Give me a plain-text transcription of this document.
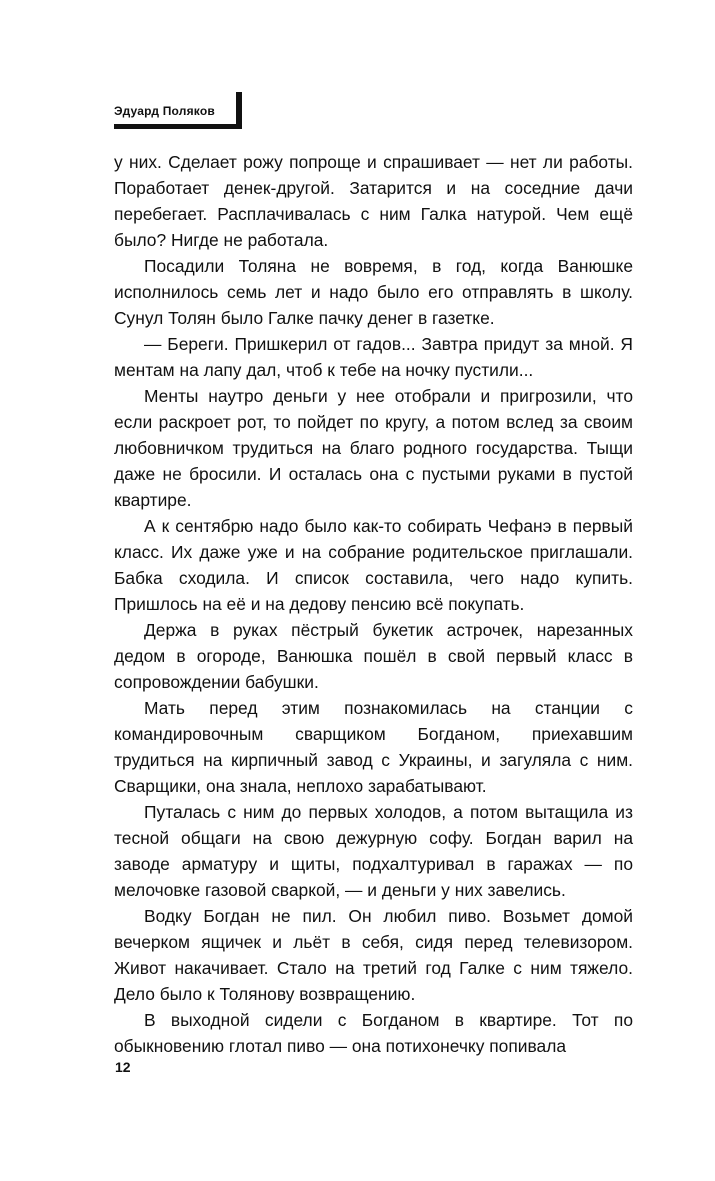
Эдуард Поляков

у них. Сделает рожу попроще и спрашивает — нет ли работы. Поработает денек-другой. Затарится и на соседние дачи перебегает. Расплачивалась с ним Галка натурой. Чем ещё было? Нигде не работала.

Посадили Толяна не вовремя, в год, когда Ванюшке исполнилось семь лет и надо было его отправлять в школу. Сунул Толян было Галке пачку денег в газетке.

— Береги. Пришкерил от гадов... Завтра придут за мной. Я ментам на лапу дал, чтоб к тебе на ночку пустили...

Менты наутро деньги у нее отобрали и пригрозили, что если раскроет рот, то пойдет по кругу, а потом вслед за своим любовничком трудиться на благо родного государства. Тыщи даже не бросили. И осталась она с пустыми руками в пустой квартире.

А к сентябрю надо было как-то собирать Чефанэ в первый класс. Их даже уже и на собрание родительское приглашали. Бабка сходила. И список составила, чего надо купить. Пришлось на её и на дедову пенсию всё покупать.

Держа в руках пёстрый букетик астрочек, нарезанных дедом в огороде, Ванюшка пошёл в свой первый класс в сопровождении бабушки.

Мать перед этим познакомилась на станции с командировочным сварщиком Богданом, приехавшим трудиться на кирпичный завод с Украины, и загуляла с ним. Сварщики, она знала, неплохо зарабатывают.

Путалась с ним до первых холодов, а потом вытащила из тесной общаги на свою дежурную софу. Богдан варил на заводе арматуру и щиты, подхалтуривал в гаражах — по мелочовке газовой сваркой, — и деньги у них завелись.

Водку Богдан не пил. Он любил пиво. Возьмет домой вечерком ящичек и льёт в себя, сидя перед телевизором. Живот накачивает. Стало на третий год Галке с ним тяжело. Дело было к Толянову возвращению.

В выходной сидели с Богданом в квартире. Тот по обыкновению глотал пиво — она потихонечку попивала

12
